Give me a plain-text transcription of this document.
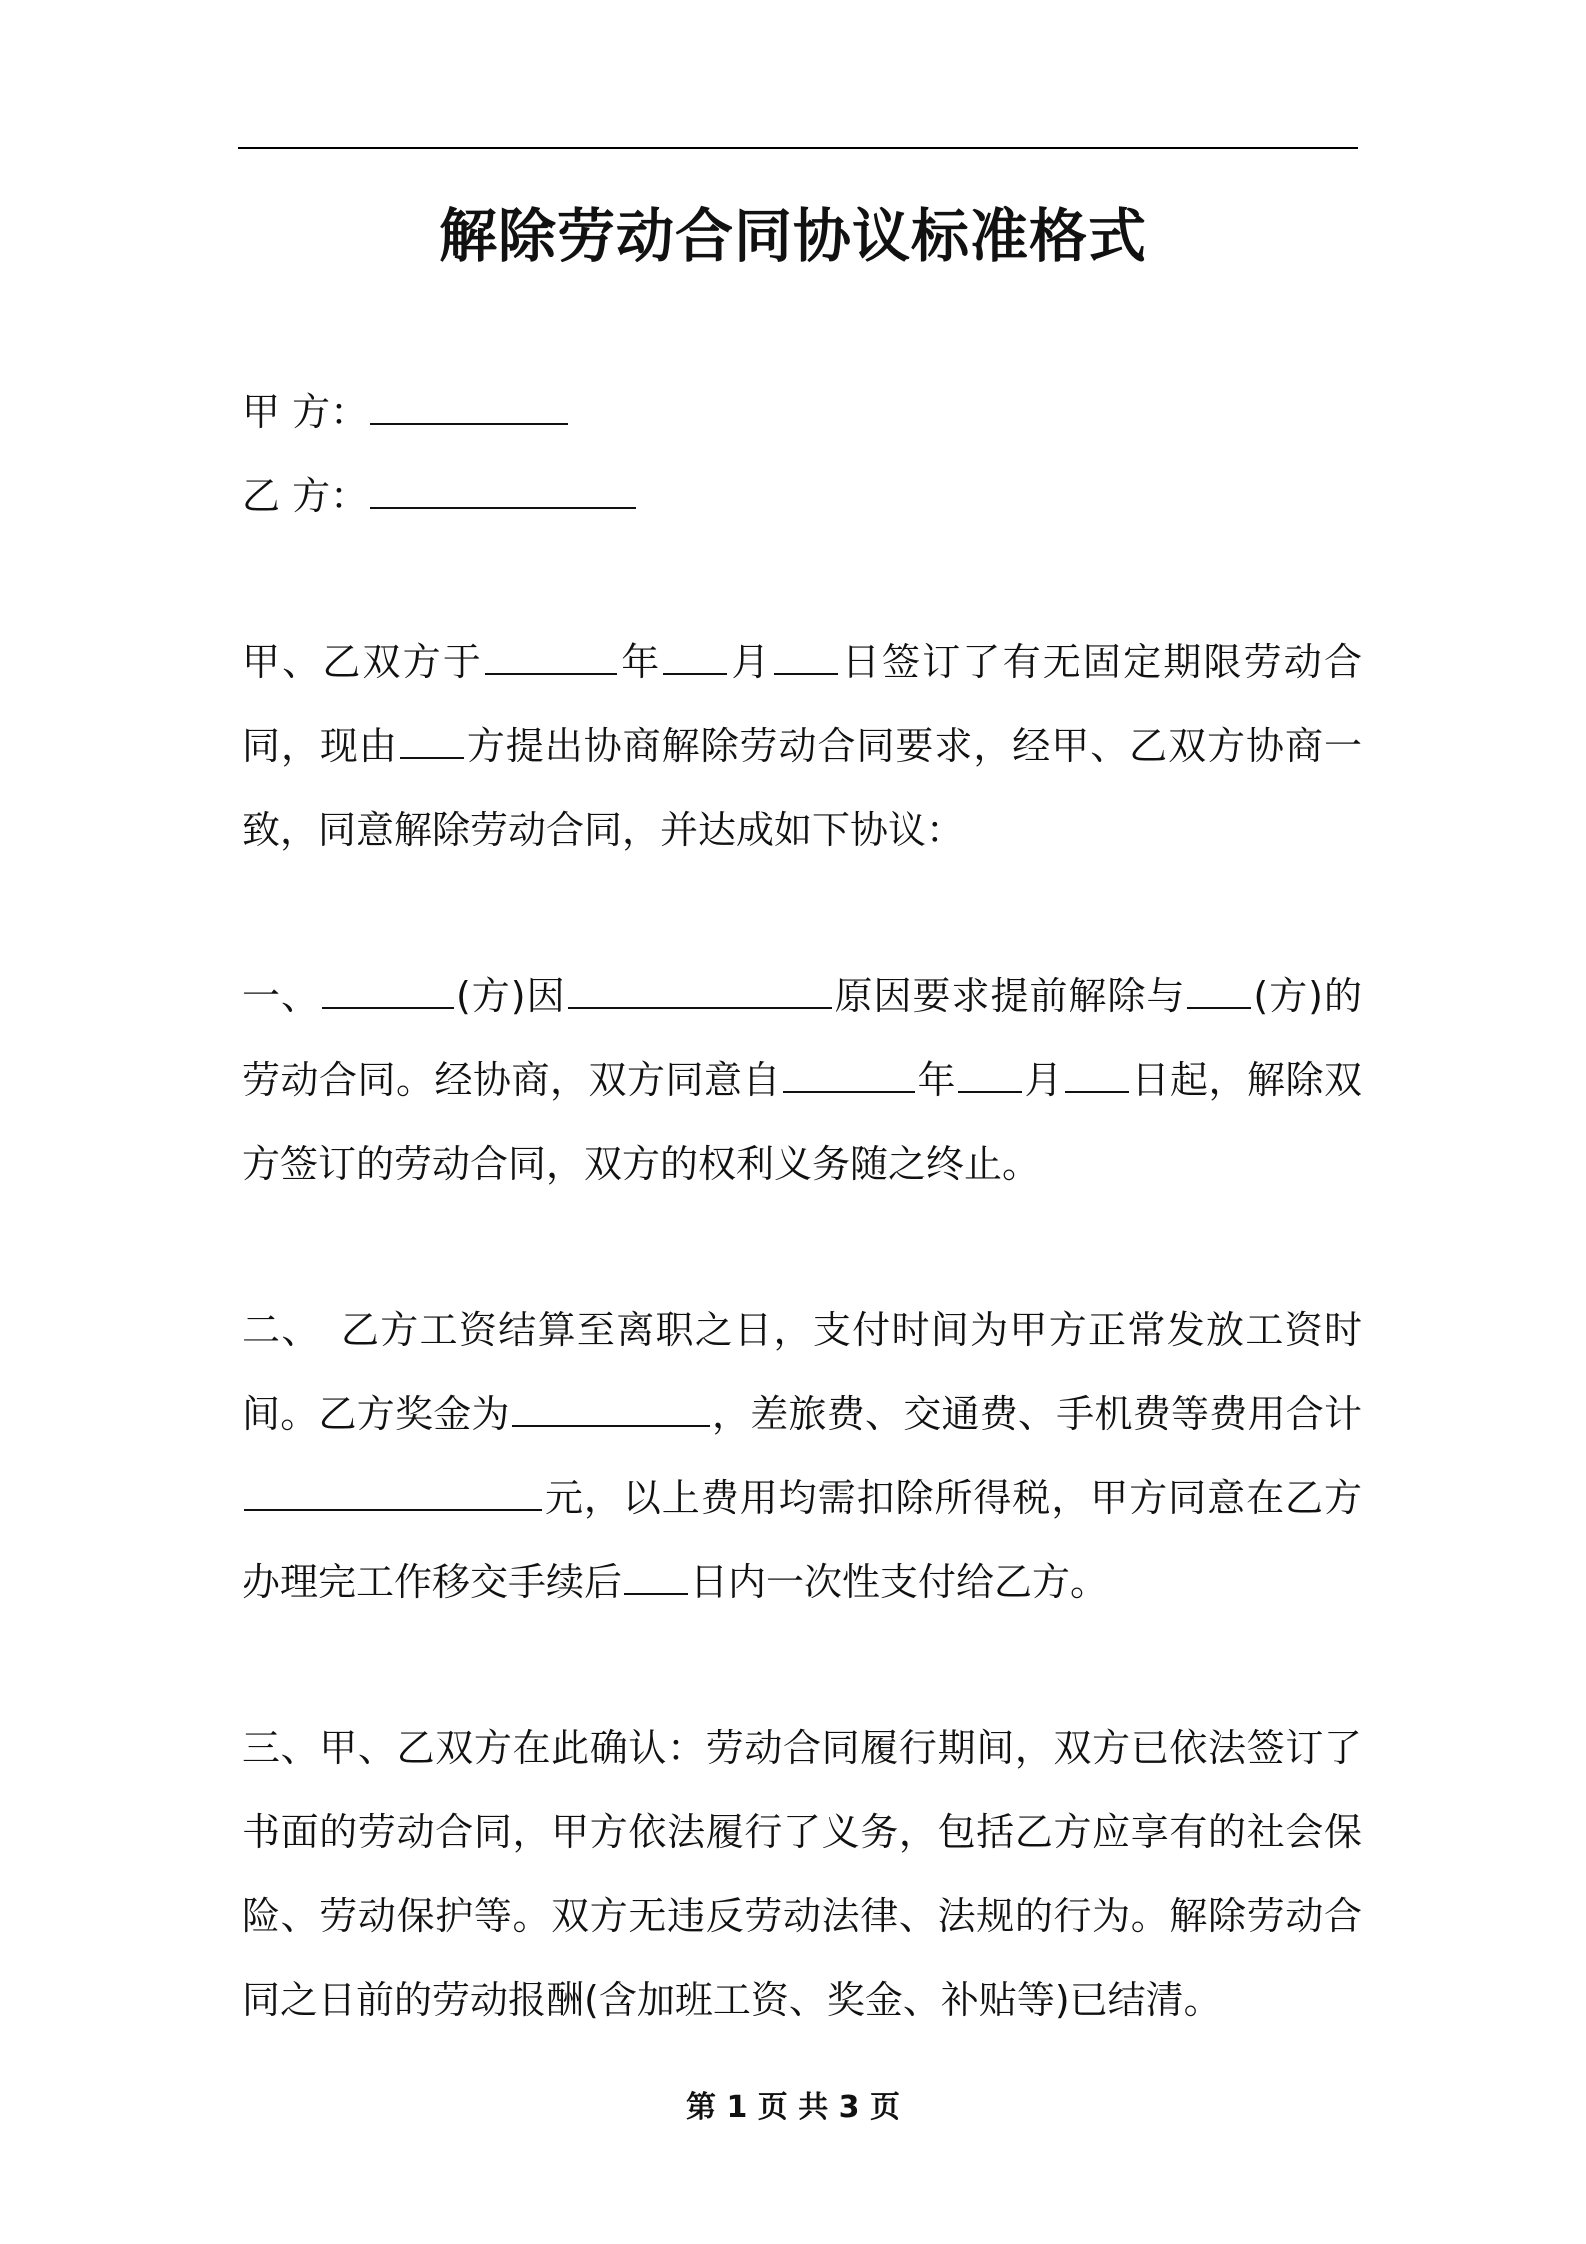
解除劳动合同协议标准格式
甲 方：
乙 方：

甲、乙双方于	年 月 日签订了有无固定期限劳动合同，现由 方提出协商解除劳动合同要求，经甲、乙双方协商一致，同意解除劳动合同，并达成如下协议：

一、	(方)因	原因要求提前解除与 (方)的劳动合同。经协商，双方同意自	年 月 日起，解除双方签订的劳动合同，双方的权利义务随之终止。

二、　乙方工资结算至离职之日，支付时间为甲方正常发放工资时间。乙方奖金为	，差旅费、交通费、手机费等费用合计元，以上费用均需扣除所得税，甲方同意在乙方办理完工作移交手续后 日内一次性支付给乙方。

三、甲、乙双方在此确认：劳动合同履行期间，双方已依法签订了书面的劳动合同，甲方依法履行了义务，包括乙方应享有的社会保险、劳动保护等。双方无违反劳动法律、法规的行为。解除劳动合同之日前的劳动报酬(含加班工资、奖金、补贴等)已结清。

第 1 页 共 3 页
